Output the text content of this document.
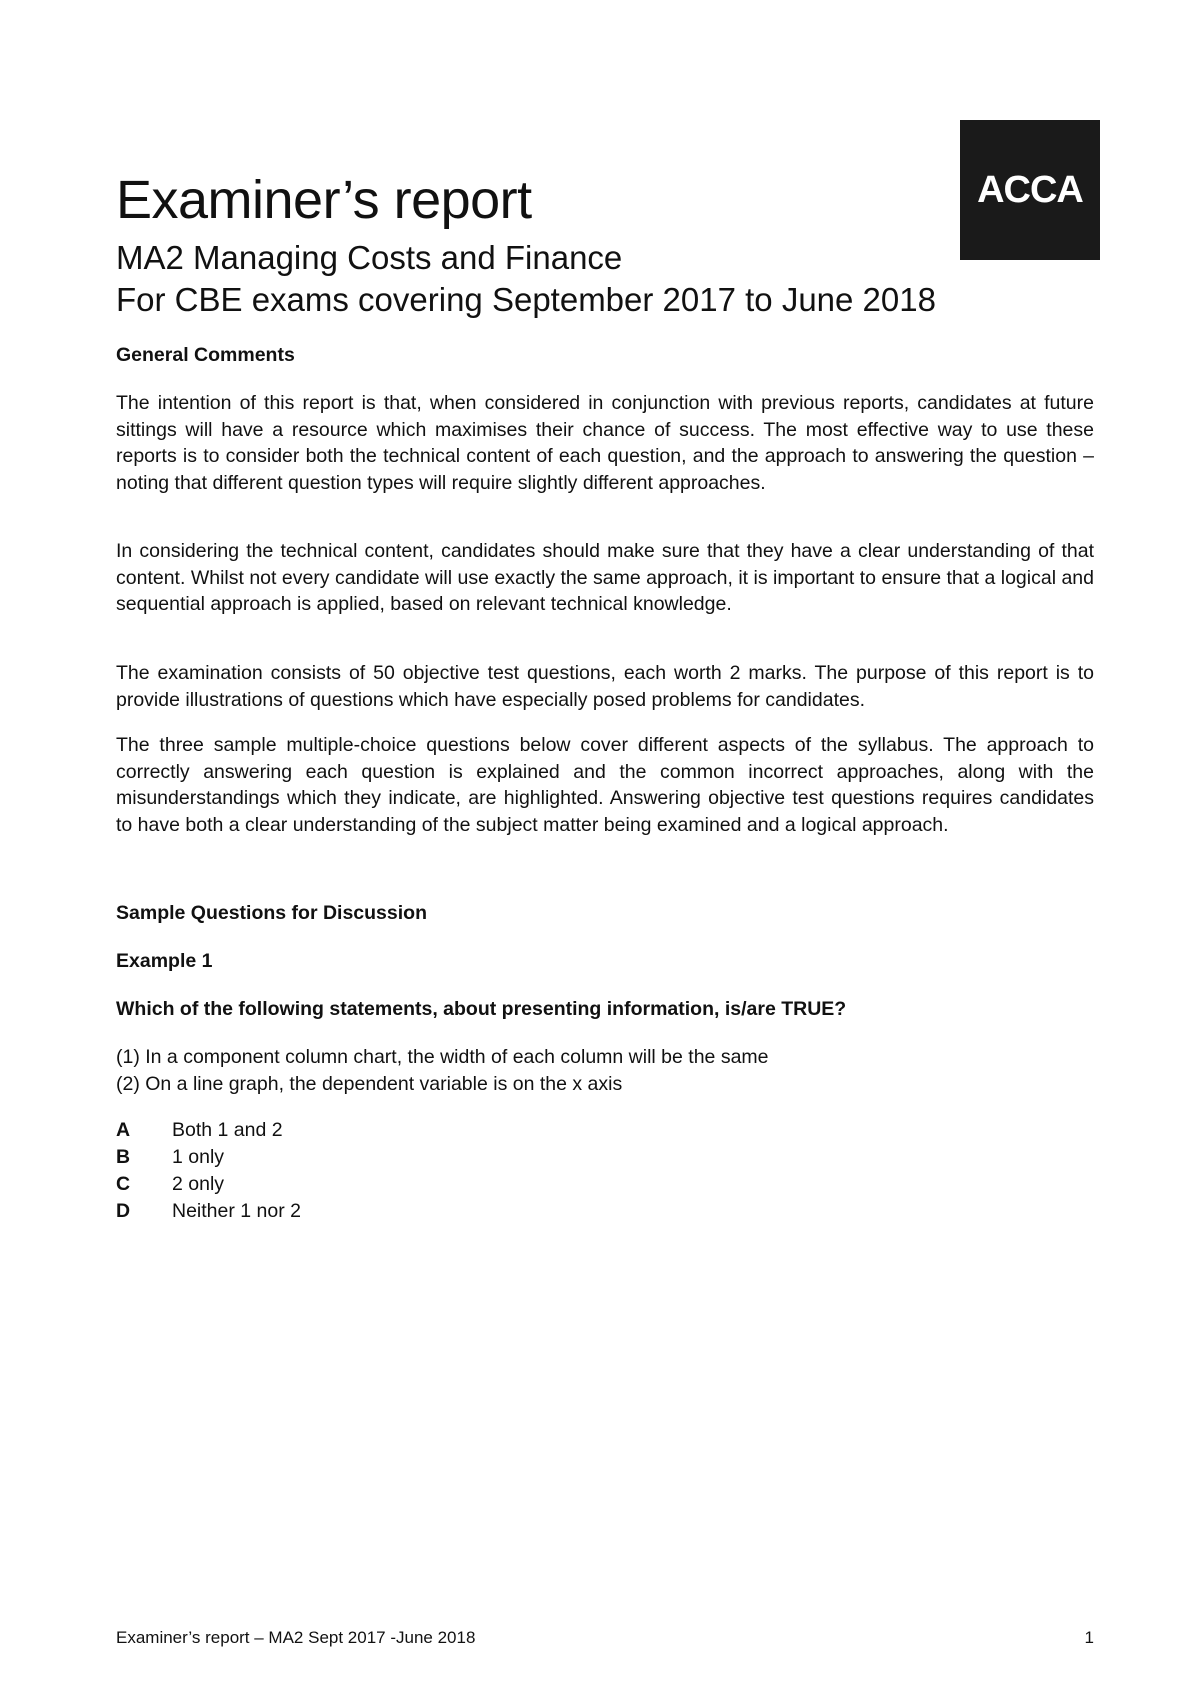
ACCA
Examiner’s report
MA2 Managing Costs and Finance
For CBE exams covering September 2017 to June 2018

General Comments

The intention of this report is that, when considered in conjunction with previous reports, candidates at future sittings will have a resource which maximises their chance of success. The most effective way to use these reports is to consider both the technical content of each question, and the approach to answering the question – noting that different question types will require slightly different approaches.

In considering the technical content, candidates should make sure that they have a clear understanding of that content. Whilst not every candidate will use exactly the same approach, it is important to ensure that a logical and sequential approach is applied, based on relevant technical knowledge.

The examination consists of 50 objective test questions, each worth 2 marks. The purpose of this report is to provide illustrations of questions which have especially posed problems for candidates.

The three sample multiple-choice questions below cover different aspects of the syllabus. The approach to correctly answering each question is explained and the common incorrect approaches, along with the misunderstandings which they indicate, are highlighted. Answering objective test questions requires candidates to have both a clear understanding of the subject matter being examined and a logical approach.

Sample Questions for Discussion

Example 1

Which of the following statements, about presenting information, is/are TRUE?

(1) In a component column chart, the width of each column will be the same

(2) On a line graph, the dependent variable is on the x axis

A	Both 1 and 2
B	1 only
C	2 only
D	Neither 1 nor 2
Examiner’s report – MA2 Sept 2017 -June 2018	1
